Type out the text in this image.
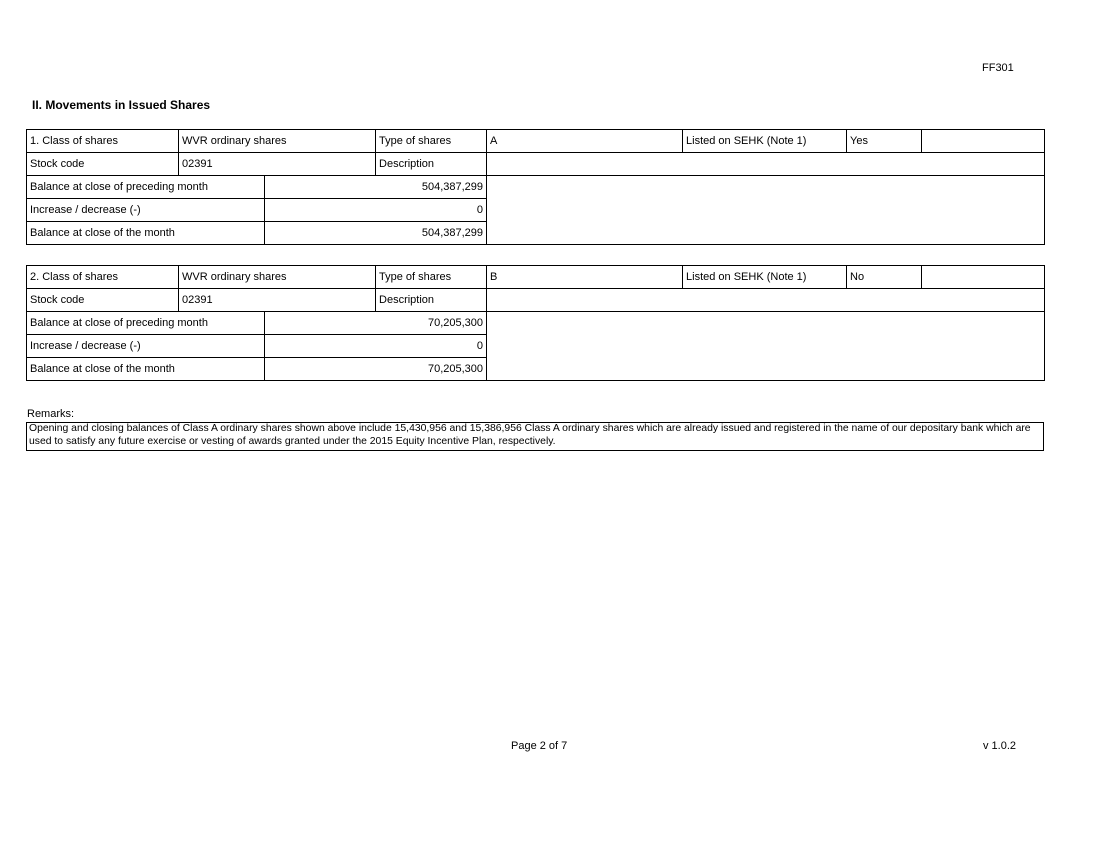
FF301
II. Movements in Issued Shares
1. Class of shares	WVR ordinary shares		Type of shares	A	Listed on SEHK (Note 1)	Yes	
Stock code	02391		Description				
Balance at close of preceding month		504,387,299					
Increase / decrease (-)		0					
Balance at close of the month		504,387,299					
2. Class of shares	WVR ordinary shares		Type of shares	B	Listed on SEHK (Note 1)	No	
Stock code	02391		Description				
Balance at close of preceding month		70,205,300					
Increase / decrease (-)		0					
Balance at close of the month		70,205,300					
Remarks:
Opening and closing balances of Class A ordinary shares shown above include 15,430,956 and 15,386,956 Class A ordinary shares which are already issued and registered in the name of our depositary bank which are used to satisfy any future exercise or vesting of awards granted under the 2015 Equity Incentive Plan, respectively.
Page 2 of 7	v 1.0.2
